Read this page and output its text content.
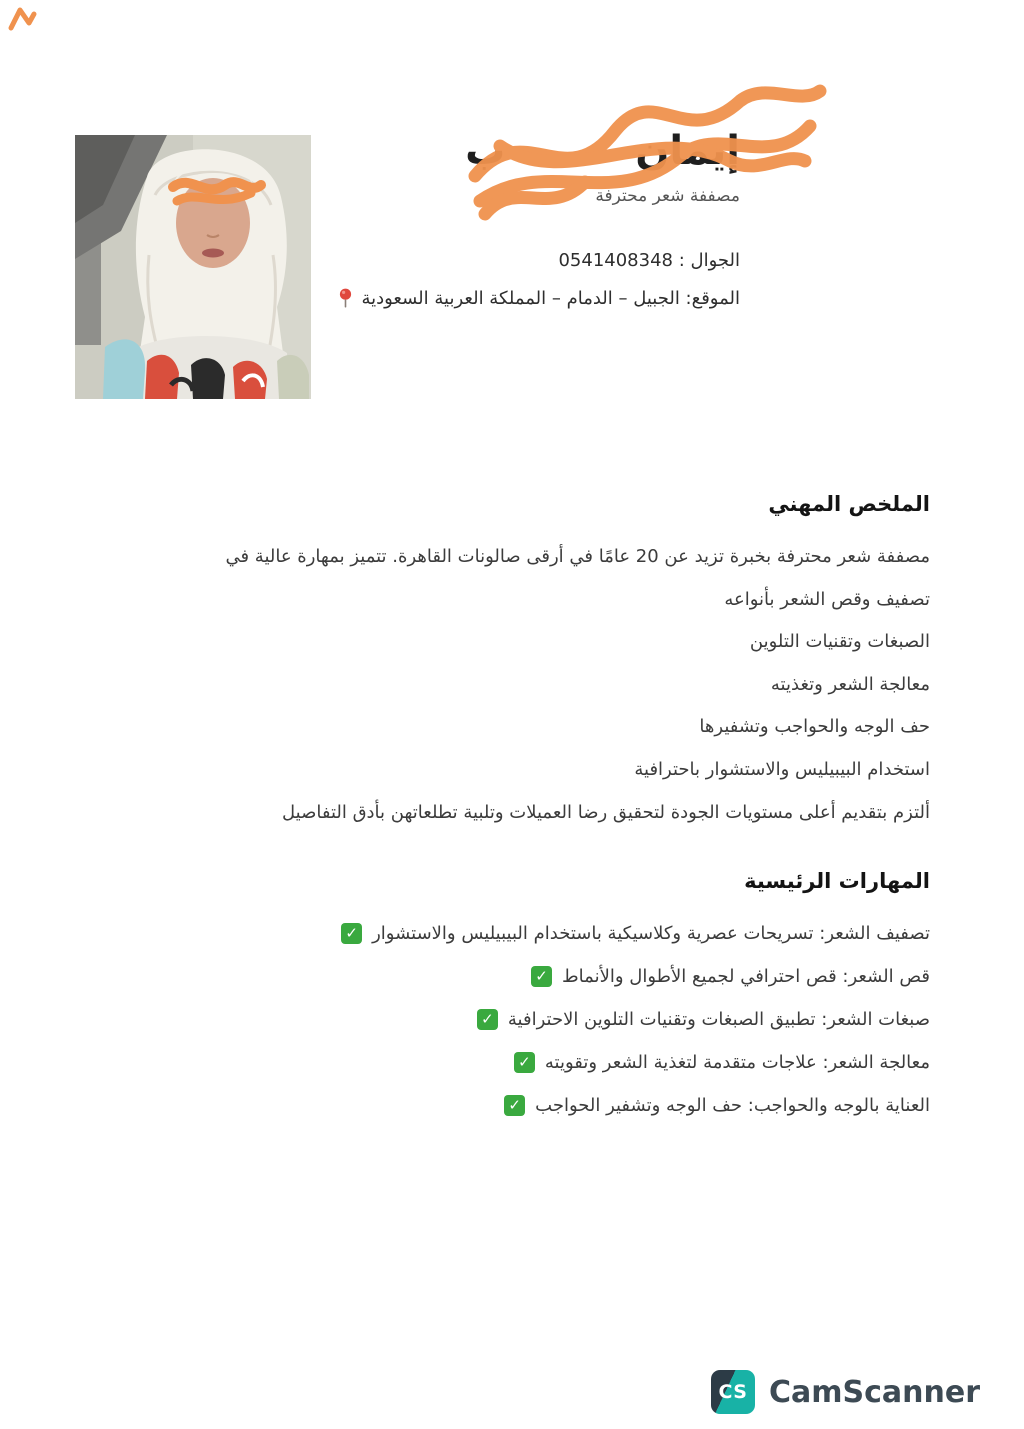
إيمانب
مصففة شعر محترفة
الجوال : 0541408348
الموقع: الجبيل – الدمام – المملكة العربية السعودية
الملخص المهني
مصففة شعر محترفة بخبرة تزيد عن 20 عامًا في أرقى صالونات القاهرة. تتميز بمهارة عالية في
تصفيف وقص الشعر بأنواعه
الصبغات وتقنيات التلوين
معالجة الشعر وتغذيته
حف الوجه والحواجب وتشفيرها
استخدام البيبيليس والاستشوار باحترافية
ألتزم بتقديم أعلى مستويات الجودة لتحقيق رضا العميلات وتلبية تطلعاتهن بأدق التفاصيل
المهارات الرئيسية
تصفيف الشعر: تسريحات عصرية وكلاسيكية باستخدام البيبيليس والاستشوار
✓
قص الشعر: قص احترافي لجميع الأطوال والأنماط
✓
صبغات الشعر: تطبيق الصبغات وتقنيات التلوين الاحترافية
✓
معالجة الشعر: علاجات متقدمة لتغذية الشعر وتقويته
✓
العناية بالوجه والحواجب: حف الوجه وتشفير الحواجب
✓
CS CamScanner
